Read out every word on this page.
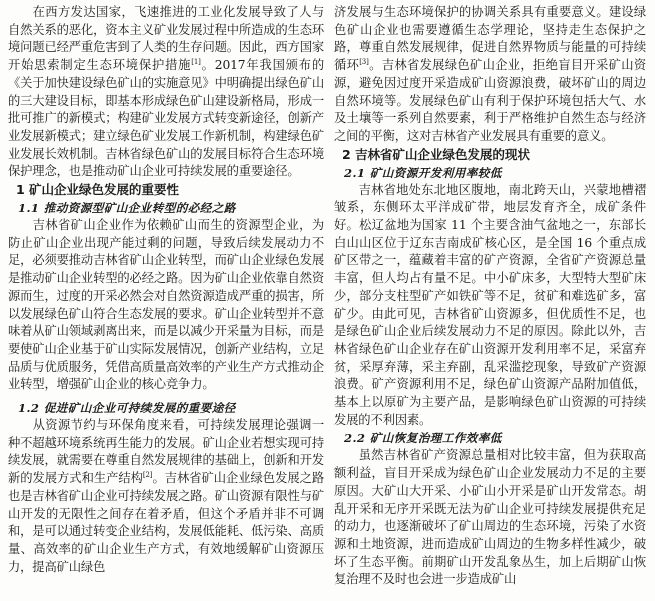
在西方发达国家，飞速推进的工业化发展导致了人与自然关系的恶化，资本主义矿业发展过程中所造成的生态环境问题已经严重危害到了人类的生存问题。因此，西方国家开始思索制定生态环境保护措施[1]。2017年我国颁布的《关于加快建设绿色矿山的实施意见》中明确提出绿色矿山的三大建设目标，即基本形成绿色矿山建设新格局，形成一批可推广的新模式；构建矿业发展方式转变新途径，创新产业发展新模式；建立绿色矿业发展工作新机制，构建绿色矿业发展长效机制。吉林省绿色矿山的发展目标符合生态环境保护理念，也是推动矿山企业可持续发展的重要途径。

1 矿山企业绿色发展的重要性
1.1 推动资源型矿山企业转型的必经之路

吉林省矿山企业作为依赖矿山而生的资源型企业，为防止矿山企业出现产能过剩的问题，导致后续发展动力不足，必须要推动吉林省矿山企业转型，而矿山企业绿色发展是推动矿山企业转型的必经之路。因为矿山企业依靠自然资源而生，过度的开采必然会对自然资源造成严重的损害，所以发展绿色矿山符合生态发展的要求。矿山企业转型并不意味着从矿山领域剥离出来，而是以减少开采量为目标，而是要使矿山企业基于矿山实际发展情况，创新产业结构，立足品质与优质服务，凭借高质量高效率的产业生产方式推动企业转型，增强矿山企业的核心竞争力。

1.2 促进矿山企业可持续发展的重要途径

从资源节约与环保角度来看，可持续发展理论强调一种不超越环境系统再生能力的发展。矿山企业若想实现可持续发展，就需要在尊重自然发展规律的基础上，创新和开发新的发展方式和生产结构[2]。吉林省矿山企业绿色发展之路也是吉林省矿山企业可持续发展之路。矿山资源有限性与矿山开发的无限性之间存在着矛盾，但这个矛盾并非不可调和，是可以通过转变企业结构，发展低能耗、低污染、高质量、高效率的矿山企业生产方式，有效地缓解矿山资源压力，提高矿山绿色

济发展与生态环境保护的协调关系具有重要意义。建设绿色矿山企业也需要遵循生态学理论，坚持走生态保护之路，尊重自然发展规律，促进自然界物质与能量的可持续循环[3]。吉林省发展绿色矿山企业，拒绝盲目开采矿山资源，避免因过度开采造成矿山资源浪费，破坏矿山的周边自然环境等。发展绿色矿山有利于保护环境包括大气、水及土壤等一系列自然要素，利于严格维护自然生态与经济之间的平衡，这对吉林省产业发展具有重要的意义。

2 吉林省矿山企业绿色发展的现状
2.1 矿山资源开发利用率较低

吉林省地处东北地区腹地，南北跨天山，兴蒙地槽褶皱系，东侧环太平洋成矿带，地层发育齐全，成矿条件好。松辽盆地为国家 11 个主要含油气盆地之一，东部长白山山区位于辽东吉南成矿核心区，是全国 16 个重点成矿区带之一，蕴藏着丰富的矿产资源，全省矿产资源总量丰富，但人均占有量不足。中小矿床多，大型特大型矿床少，部分支柱型矿产如铁矿等不足，贫矿和难选矿多，富矿少。由此可见，吉林省矿山资源多，但优质性不足，也是绿色矿山企业后续发展动力不足的原因。除此以外，吉林省绿色矿山企业存在矿山资源开发利用率不足，采富弃贫，采厚弃薄，采主弃副，乱采滥挖现象，导致矿产资源浪费。矿产资源利用不足，绿色矿山资源产品附加值低，基本上以原矿为主要产品，是影响绿色矿山资源的可持续发展的不利因素。

2.2 矿山恢复治理工作效率低

虽然吉林省矿产资源总量相对比较丰富，但为获取高额利益，盲目开采成为绿色矿山企业发展动力不足的主要原因。大矿山大开采、小矿山小开采是矿山开发常态。胡乱开采和无序开采既无法为矿山企业可持续发展提供充足的动力，也逐渐破坏了矿山周边的生态环境，污染了水资源和土地资源，进而造成矿山周边的生物多样性减少，破坏了生态平衡。前期矿山开发乱象丛生，加上后期矿山恢复治理不及时也会进一步造成矿山
